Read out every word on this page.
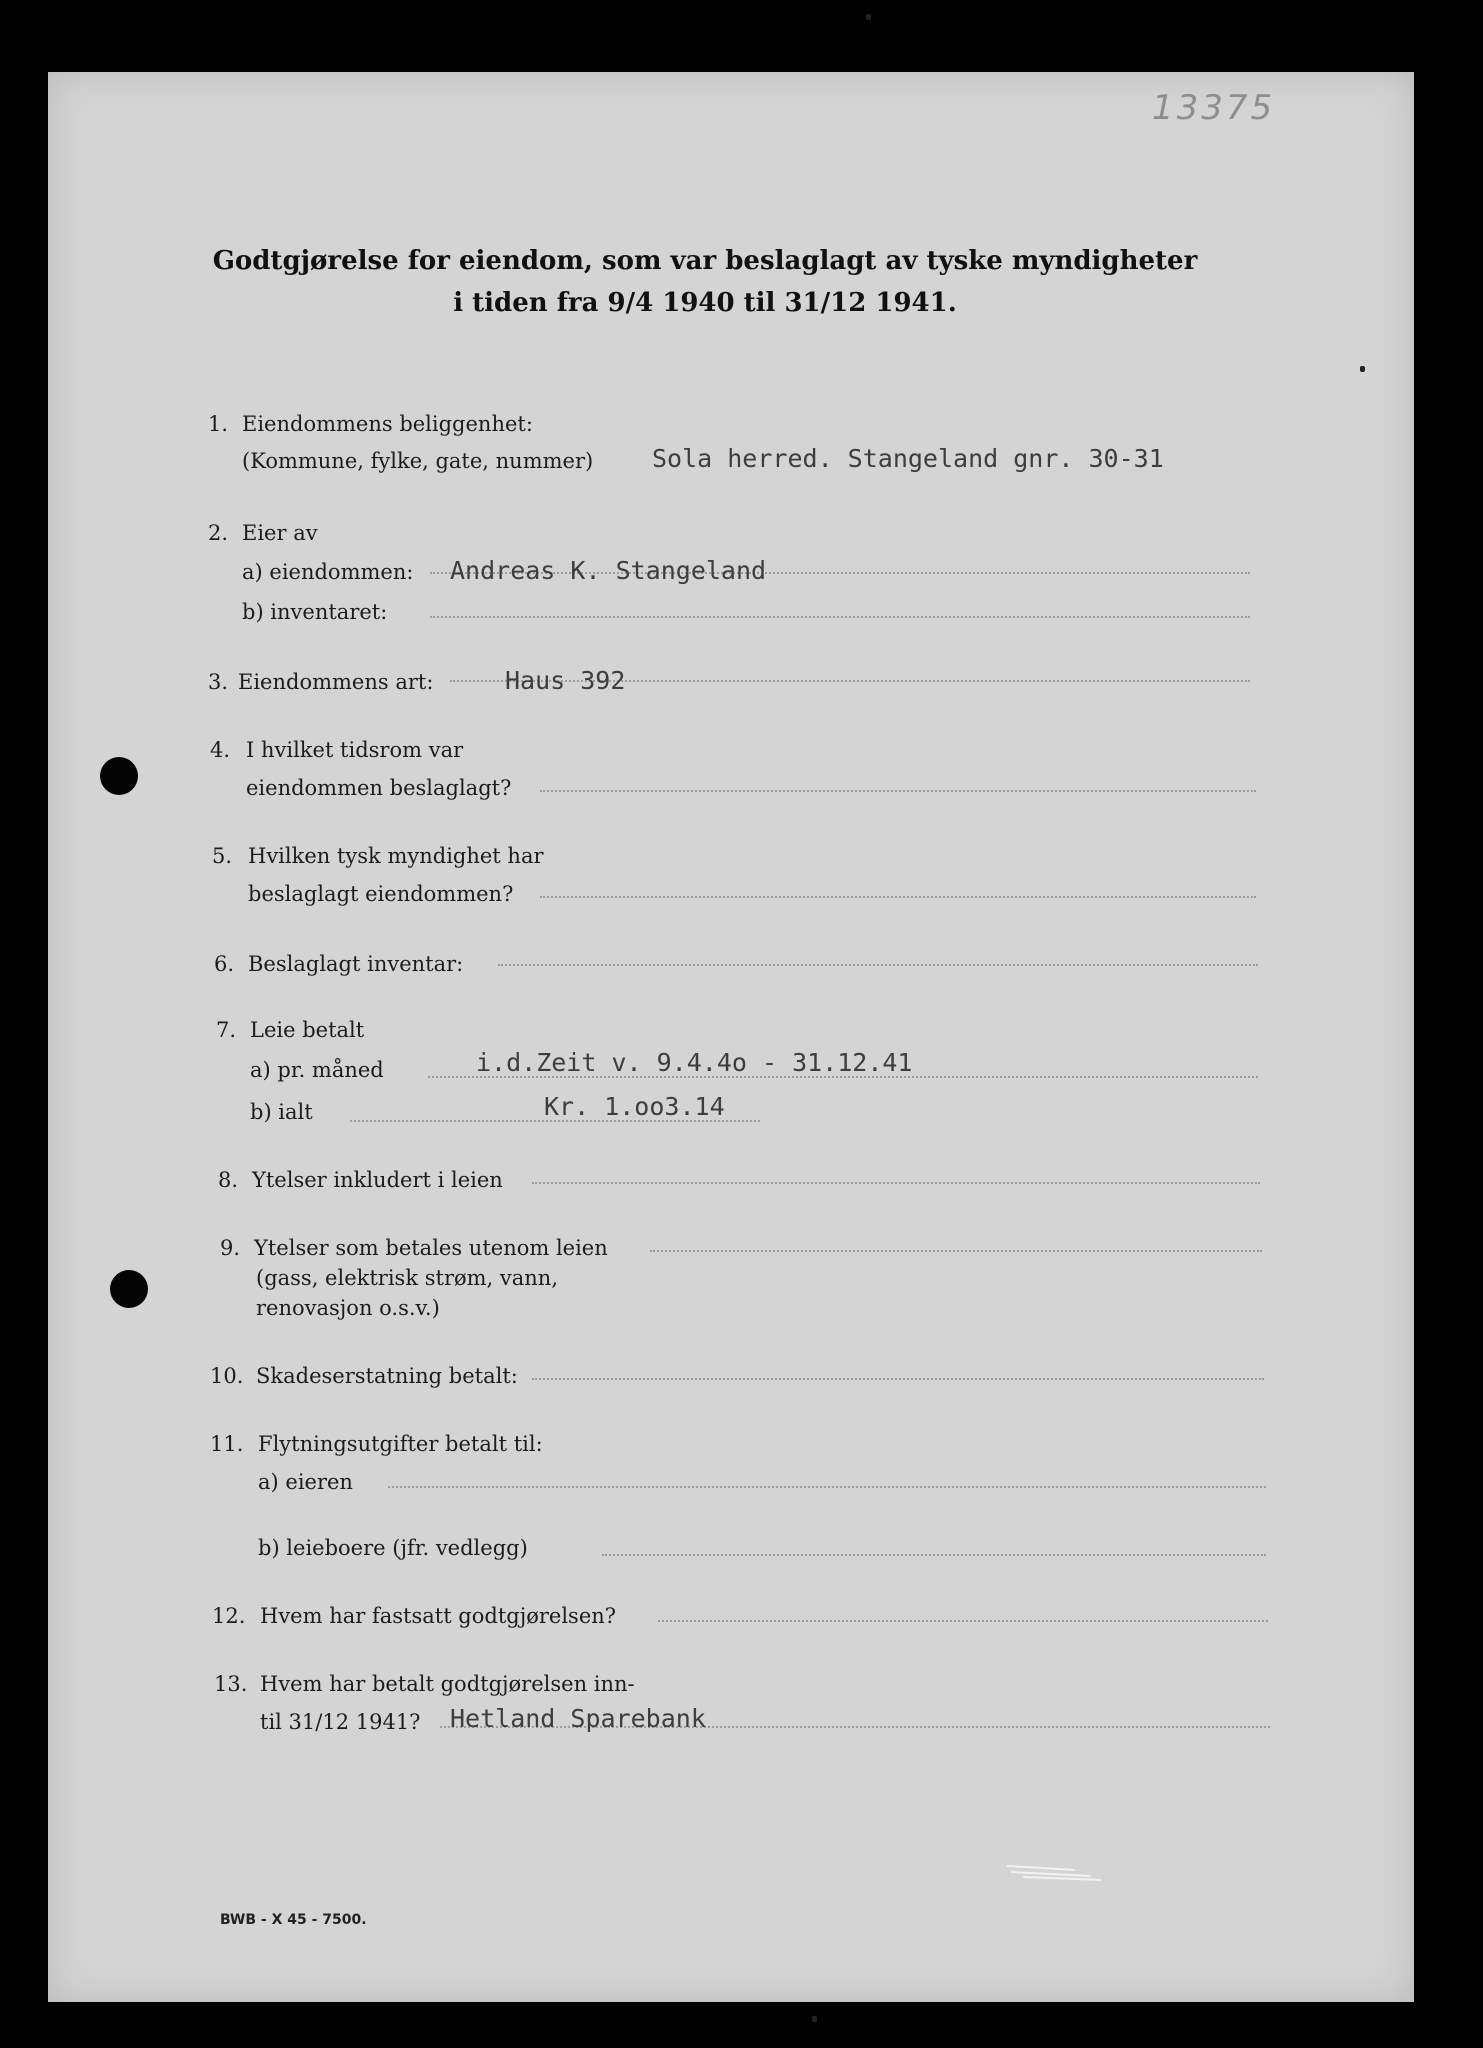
13375
Godtgjørelse for eiendom, som var beslaglagt av tyske myndigheter
i tiden fra 9/4 1940 til 31/12 1941.
1. Eiendommens beliggenhet:
(Kommune, fylke, gate, nummer) Sola herred. Stangeland gnr. 30-31
2. Eier av
a) eiendommen: Andreas K. Stangeland
b) inventaret:
3. Eiendommens art:	Haus 392
4. I hvilket tidsrom var
eiendommen beslaglagt?
5. Hvilken tysk myndighet har
beslaglagt eiendommen?
6. Beslaglagt inventar:
7. Leie betalt
a) pr. måned	i.d.Zeit v. 9.4.4o - 31.12.41
b) ialt	Kr. 1.oo3.14
8. Ytelser inkludert i leien
9. Ytelser som betales utenom leien
(gass, elektrisk strøm, vann,
renovasjon o.s.v.)
10. Skadeserstatning betalt:
11. Flytningsutgifter betalt til:
a) eieren
b) leieboere (jfr. vedlegg)
12. Hvem har fastsatt godtgjørelsen?
13. Hvem har betalt godtgjørelsen inn-
til 31/12 1941? Hetland Sparebank
BWB - X 45 - 7500.
